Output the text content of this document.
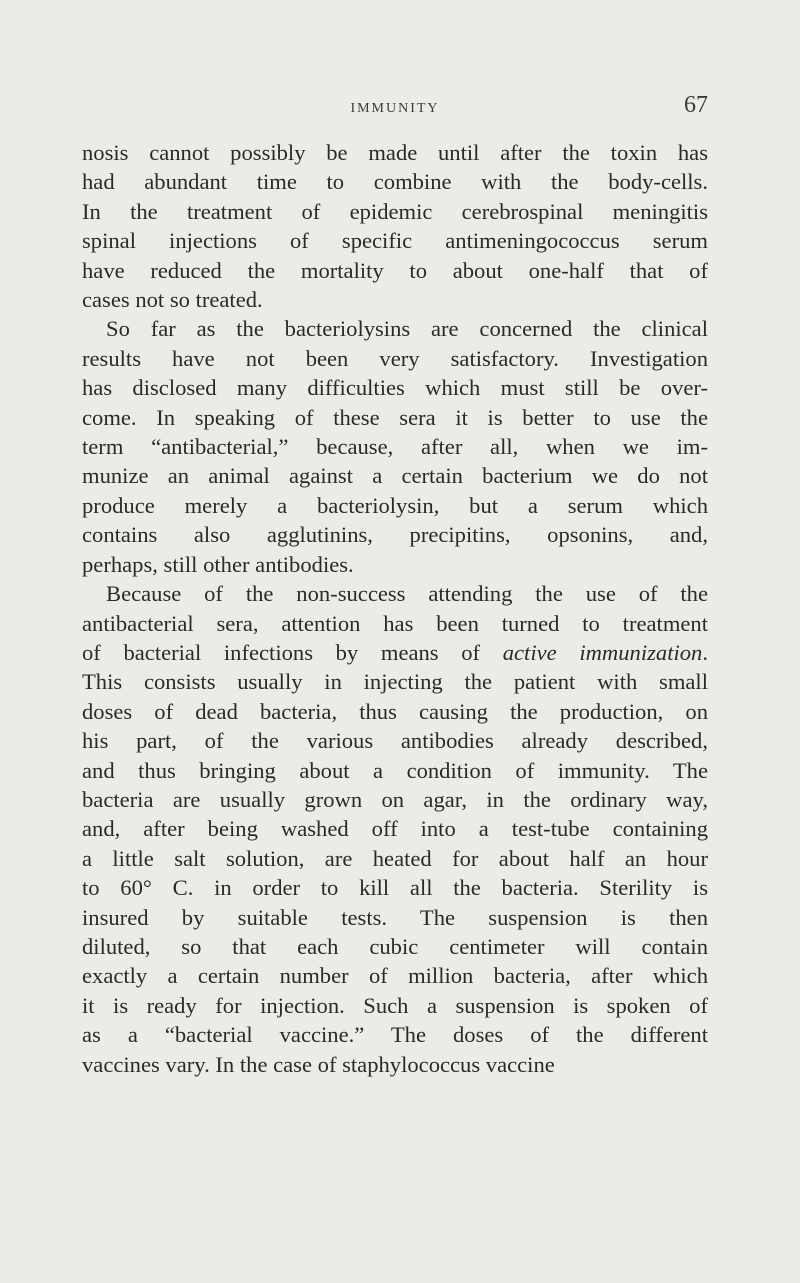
IMMUNITY	67

nosis cannot possibly be made until after the toxin has
had abundant time to combine with the body-cells.
In the treatment of epidemic cerebrospinal meningitis
spinal injections of specific antimeningococcus serum
have reduced the mortality to about one-half that of
cases not so treated.

So far as the bacteriolysins are concerned the clinical
results have not been very satisfactory. Investigation
has disclosed many difficulties which must still be over-
come. In speaking of these sera it is better to use the
term “antibacterial,” because, after all, when we im-
munize an animal against a certain bacterium we do not
produce merely a bacteriolysin, but a serum which
contains also agglutinins, precipitins, opsonins, and,
perhaps, still other antibodies.

Because of the non-success attending the use of the
antibacterial sera, attention has been turned to treatment
of bacterial infections by means of active immunization.
This consists usually in injecting the patient with small
doses of dead bacteria, thus causing the production, on
his part, of the various antibodies already described,
and thus bringing about a condition of immunity. The
bacteria are usually grown on agar, in the ordinary way,
and, after being washed off into a test-tube containing
a little salt solution, are heated for about half an hour
to 60° C. in order to kill all the bacteria. Sterility is
insured by suitable tests. The suspension is then
diluted, so that each cubic centimeter will contain
exactly a certain number of million bacteria, after which
it is ready for injection. Such a suspension is spoken of
as a “bacterial vaccine.” The doses of the different
vaccines vary. In the case of staphylococcus vaccine
